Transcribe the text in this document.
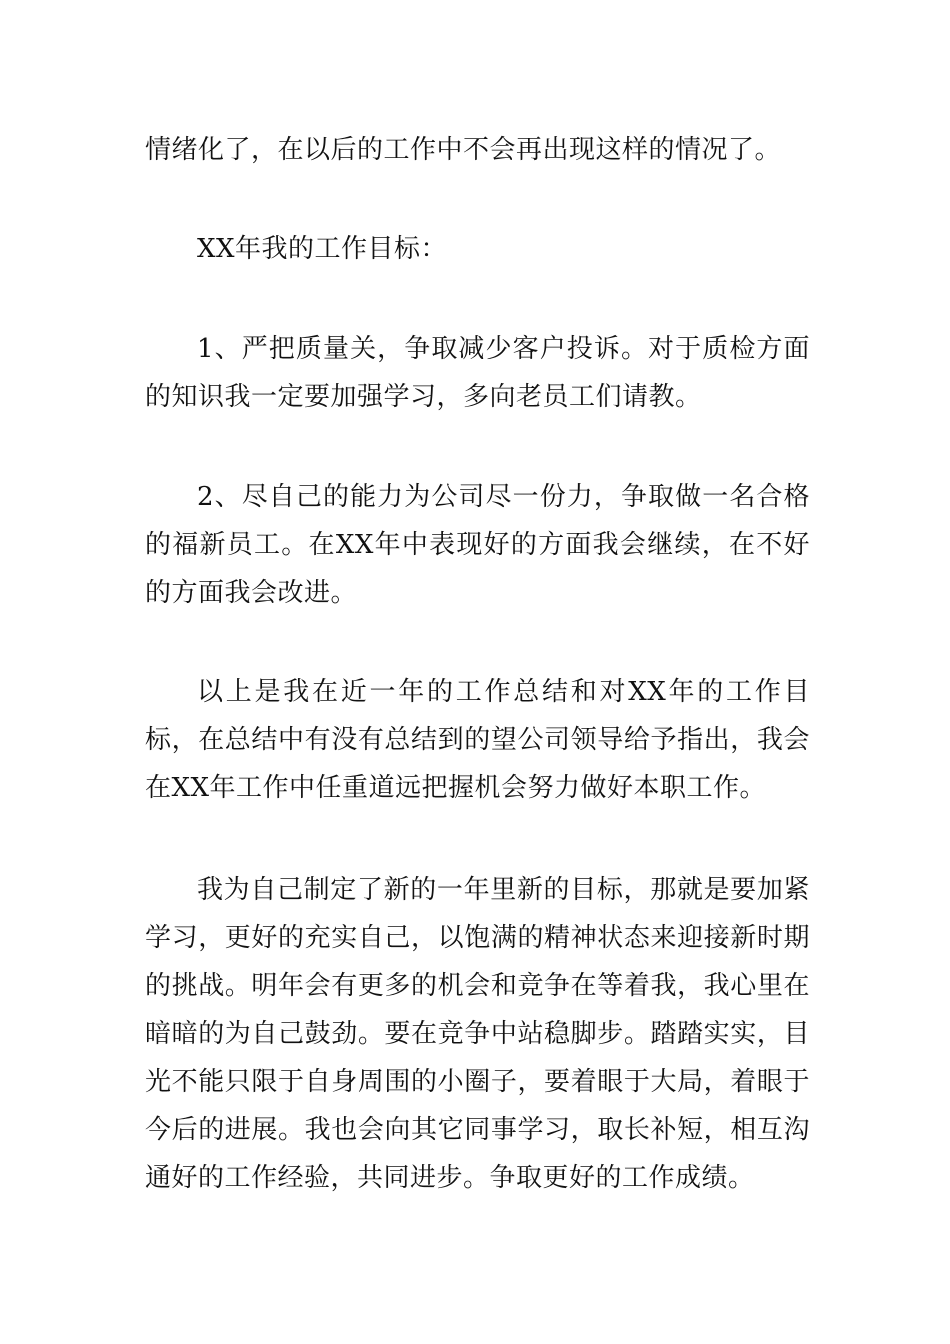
情绪化了，在以后的工作中不会再出现这样的情况了。

XX年我的工作目标：

1、严把质量关，争取减少客户投诉。对于质检方面的知识我一定要加强学习，多向老员工们请教。

2、尽自己的能力为公司尽一份力，争取做一名合格的福新员工。在XX年中表现好的方面我会继续，在不好的方面我会改进。

以上是我在近一年的工作总结和对XX年的工作目标，在总结中有没有总结到的望公司领导给予指出，我会在XX年工作中任重道远把握机会努力做好本职工作。

我为自己制定了新的一年里新的目标，那就是要加紧学习，更好的充实自己，以饱满的精神状态来迎接新时期的挑战。明年会有更多的机会和竞争在等着我，我心里在暗暗的为自己鼓劲。要在竞争中站稳脚步。踏踏实实，目光不能只限于自身周围的小圈子，要着眼于大局，着眼于今后的进展。我也会向其它同事学习，取长补短，相互沟通好的工作经验，共同进步。争取更好的工作成绩。
